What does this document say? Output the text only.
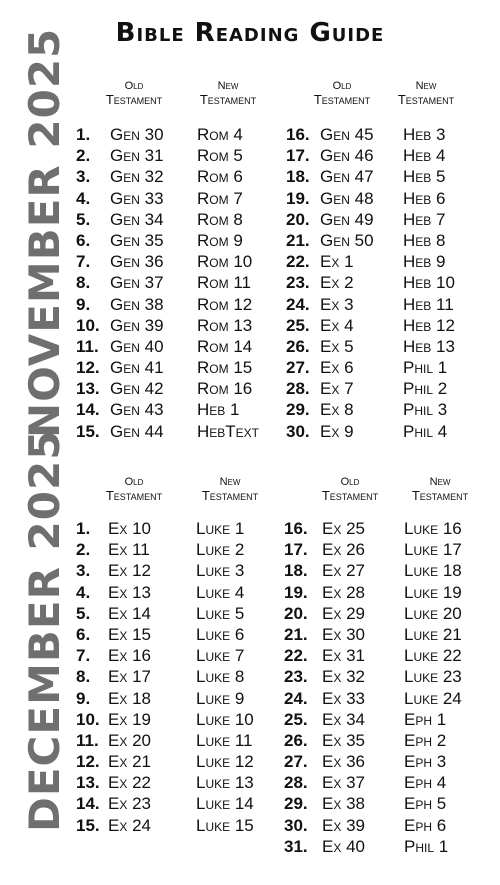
Bible Reading Guide
NOVEMBER 2025
DECEMBER 2025
Old
Testament
New
Testament
Old
Testament
New
Testament
Old
Testament
New
Testament
Old
Testament
New
Testament
1.
2.
3.
4.
5.
6.
7.
8.
9.
10.
11.
12.
13.
14.
15.
Gen 30
Gen 31
Gen 32
Gen 33
Gen 34
Gen 35
Gen 36
Gen 37
Gen 38
Gen 39
Gen 40
Gen 41
Gen 42
Gen 43
Gen 44
Rom 4
Rom 5
Rom 6
Rom 7
Rom 8
Rom 9
Rom 10
Rom 11
Rom 12
Rom 13
Rom 14
Rom 15
Rom 16
Heb 1
HebText
16.
17.
18.
19.
20.
21.
22.
23.
24.
25.
26.
27.
28.
29.
30.
Gen 45
Gen 46
Gen 47
Gen 48
Gen 49
Gen 50
Ex 1
Ex 2
Ex 3
Ex 4
Ex 5
Ex 6
Ex 7
Ex 8
Ex 9
Heb 3
Heb 4
Heb 5
Heb 6
Heb 7
Heb 8
Heb 9
Heb 10
Heb 11
Heb 12
Heb 13
Phil 1
Phil 2
Phil 3
Phil 4
1.
2.
3.
4.
5.
6.
7.
8.
9.
10.
11.
12.
13.
14.
15.
Ex 10
Ex 11
Ex 12
Ex 13
Ex 14
Ex 15
Ex 16
Ex 17
Ex 18
Ex 19
Ex 20
Ex 21
Ex 22
Ex 23
Ex 24
Luke 1
Luke 2
Luke 3
Luke 4
Luke 5
Luke 6
Luke 7
Luke 8
Luke 9
Luke 10
Luke 11
Luke 12
Luke 13
Luke 14
Luke 15
16.
17.
18.
19.
20.
21.
22.
23.
24.
25.
26.
27.
28.
29.
30.
31.
Ex 25
Ex 26
Ex 27
Ex 28
Ex 29
Ex 30
Ex 31
Ex 32
Ex 33
Ex 34
Ex 35
Ex 36
Ex 37
Ex 38
Ex 39
Ex 40
Luke 16
Luke 17
Luke 18
Luke 19
Luke 20
Luke 21
Luke 22
Luke 23
Luke 24
Eph 1
Eph 2
Eph 3
Eph 4
Eph 5
Eph 6
Phil 1
